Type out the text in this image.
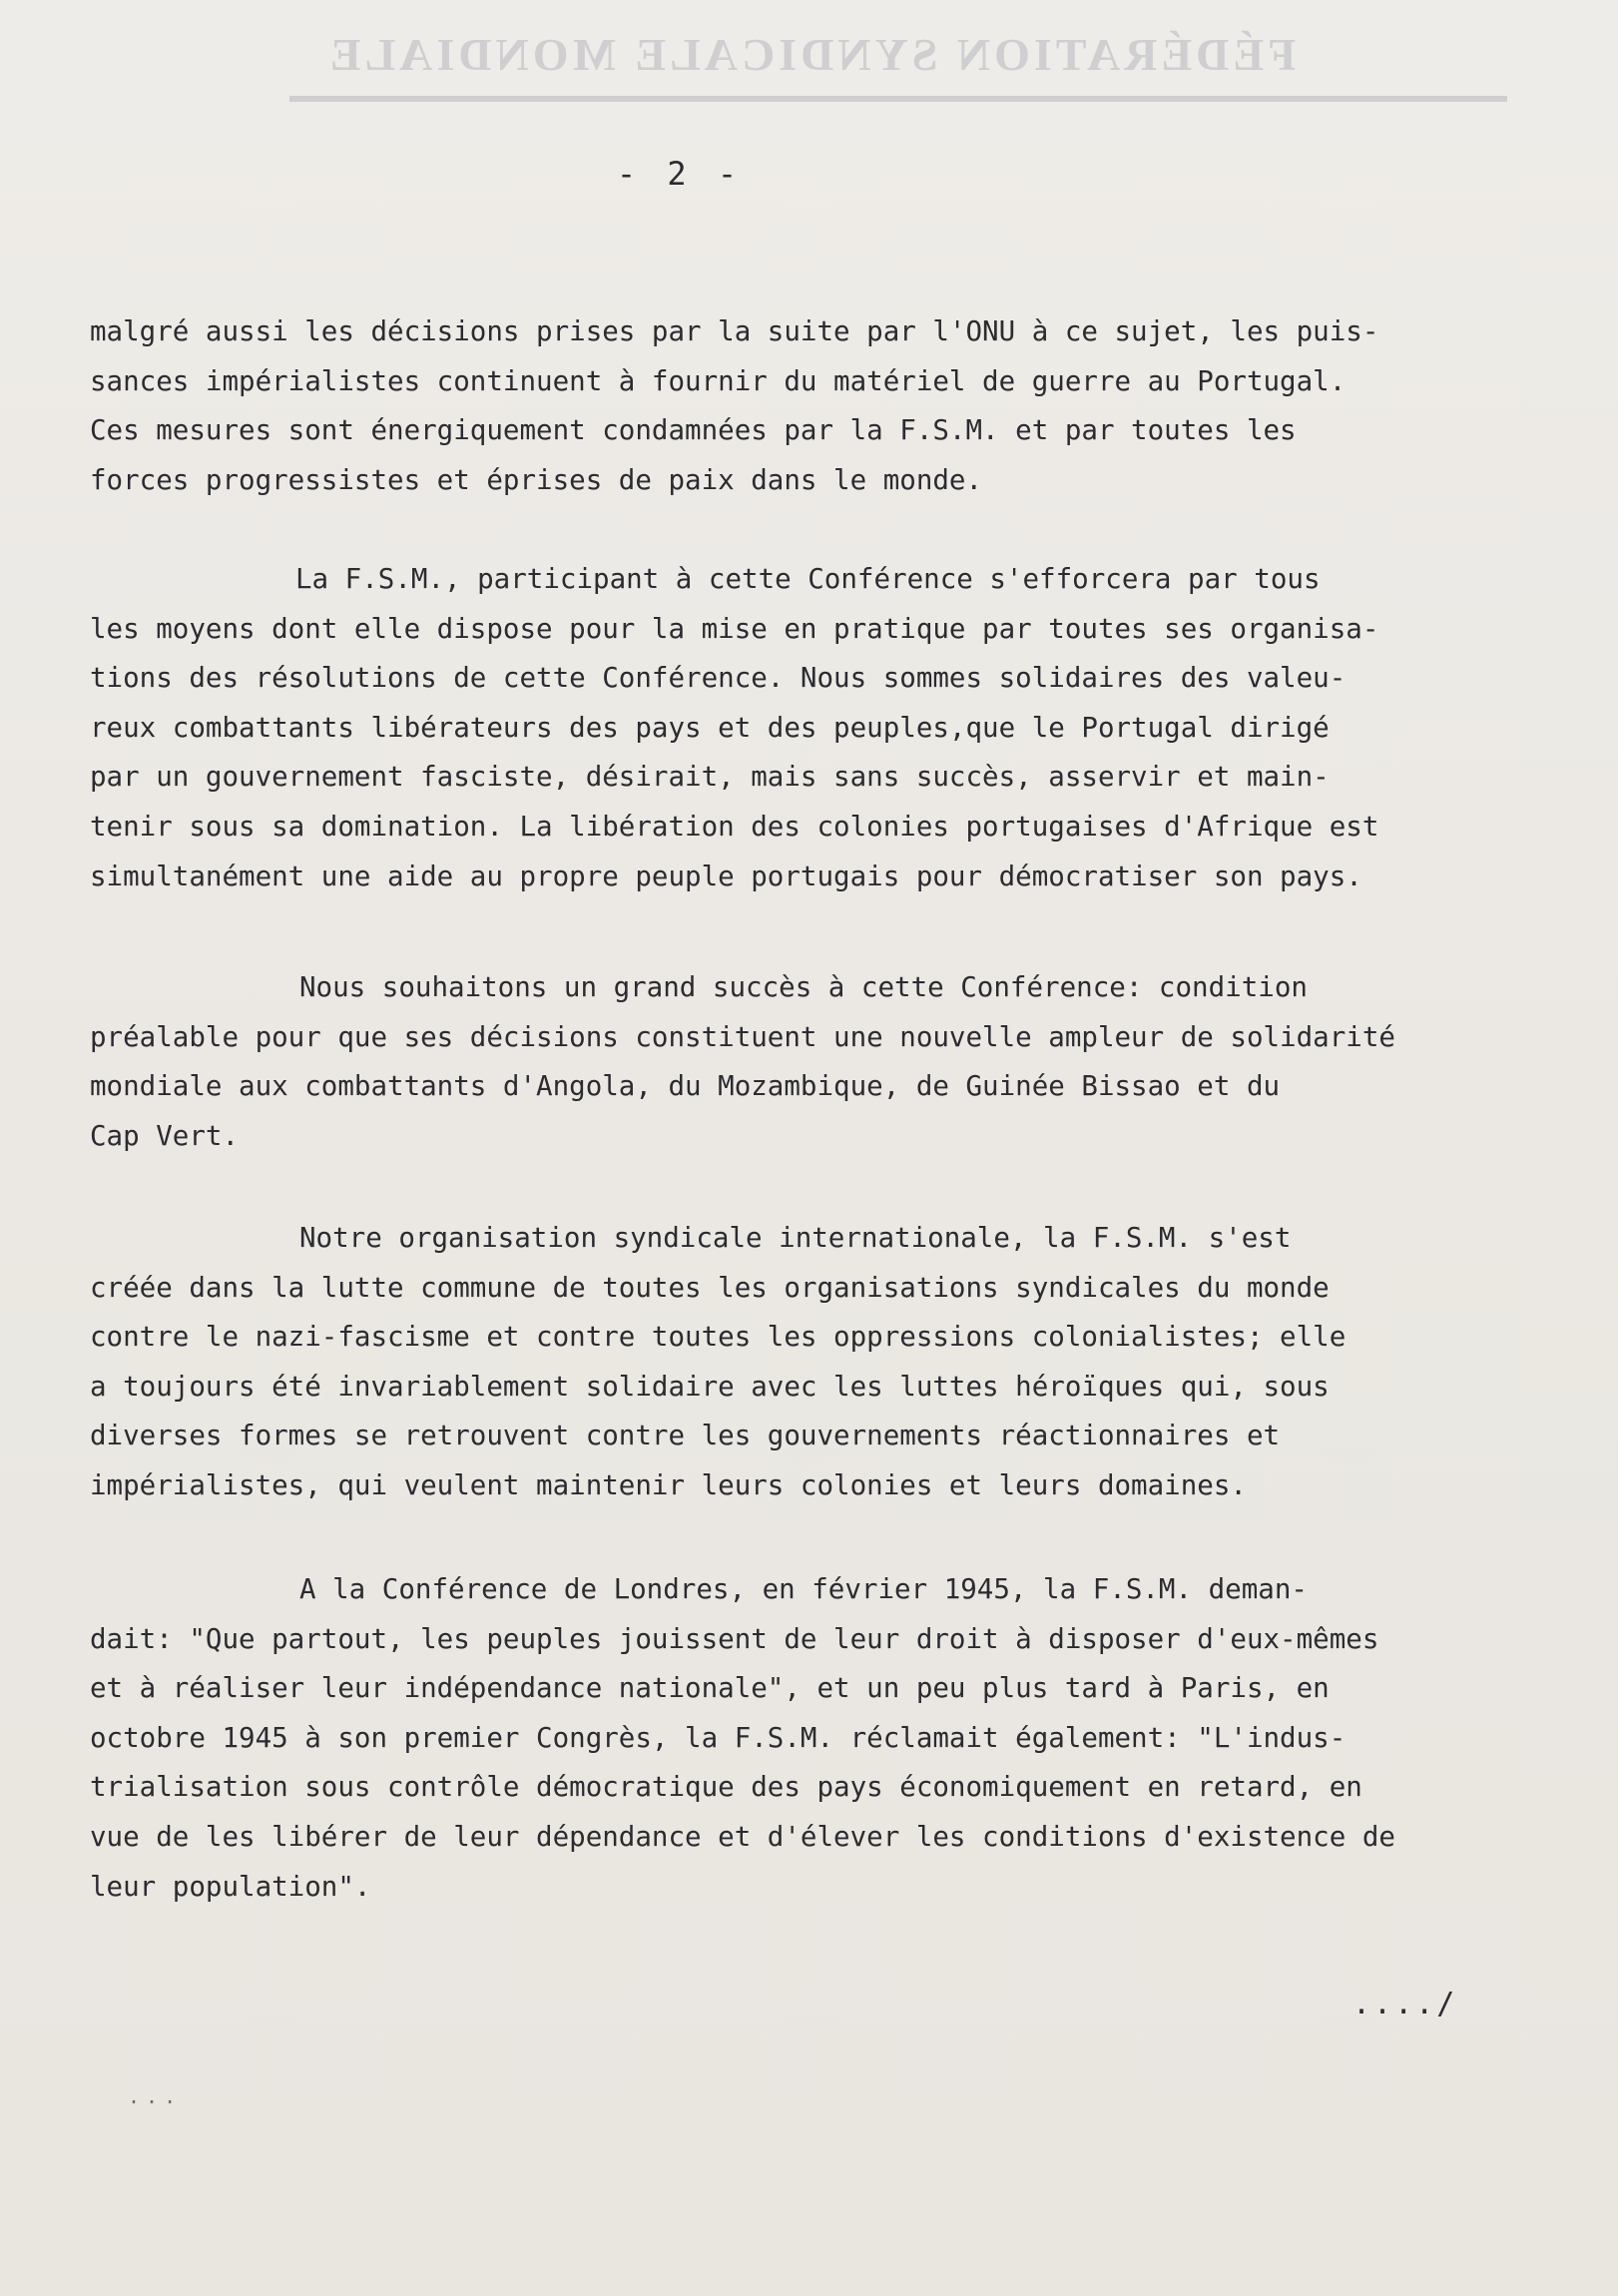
FÉDÉRATION SYNDICALE MONDIALE
- 2 -
malgré aussi les décisions prises par la suite par l'ONU à ce sujet, les puis-
sances impérialistes continuent à fournir du matériel de guerre au Portugal.
Ces mesures sont énergiquement condamnées par la F.S.M. et par toutes les
forces progressistes et éprises de paix dans le monde.
La F.S.M., participant à cette Conférence s'efforcera par tous
les moyens dont elle dispose pour la mise en pratique par toutes ses organisa-
tions des résolutions de cette Conférence. Nous sommes solidaires des valeu-
reux combattants libérateurs des pays et des peuples,que le Portugal dirigé
par un gouvernement fasciste, désirait, mais sans succès, asservir et main-
tenir sous sa domination. La libération des colonies portugaises d'Afrique est
simultanément une aide au propre peuple portugais pour démocratiser son pays.
Nous souhaitons un grand succès à cette Conférence: condition
préalable pour que ses décisions constituent une nouvelle ampleur de solidarité
mondiale aux combattants d'Angola, du Mozambique, de Guinée Bissao et du
Cap Vert.
Notre organisation syndicale internationale, la F.S.M. s'est
créée dans la lutte commune de toutes les organisations syndicales du monde
contre le nazi-fascisme et contre toutes les oppressions colonialistes; elle
a toujours été invariablement solidaire avec les luttes héroïques qui, sous
diverses formes se retrouvent contre les gouvernements réactionnaires et
impérialistes, qui veulent maintenir leurs colonies et leurs domaines.
A la Conférence de Londres, en février 1945, la F.S.M. deman-
dait: "Que partout, les peuples jouissent de leur droit à disposer d'eux-mêmes
et à réaliser leur indépendance nationale", et un peu plus tard à Paris, en
octobre 1945 à son premier Congrès, la F.S.M. réclamait également: "L'indus-
trialisation sous contrôle démocratique des pays économiquement en retard, en
vue de les libérer de leur dépendance et d'élever les conditions d'existence de
leur population".
..../
...
